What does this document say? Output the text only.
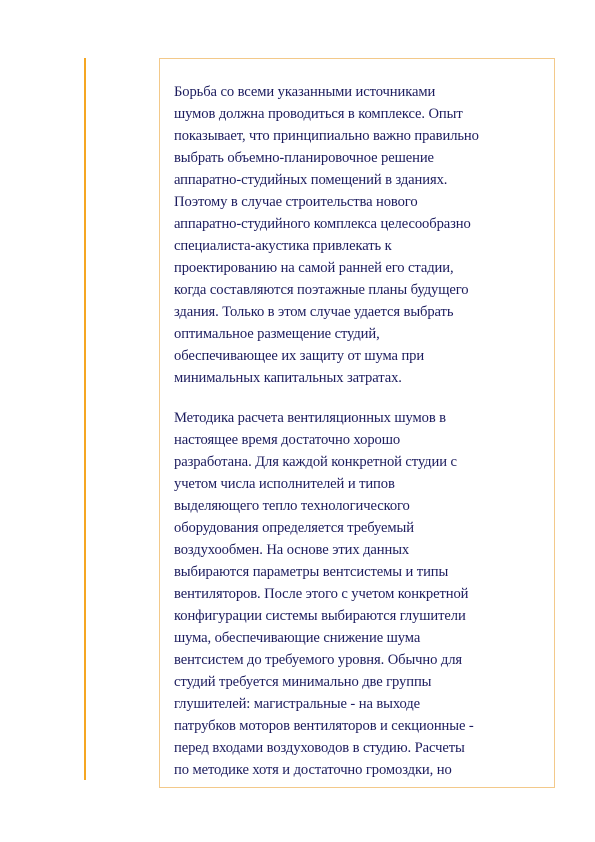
Борьба со всеми указанными источниками
шумов должна проводиться в комплексе. Опыт
показывает, что принципиально важно правильно
выбрать объемно-планировочное решение
аппаратно-студийных помещений в зданиях.
Поэтому в случае строительства нового
аппаратно-студийного комплекса целесообразно
специалиста-акустика привлекать к
проектированию на самой ранней его стадии,
когда составляются поэтажные планы будущего
здания. Только в этом случае удается выбрать
оптимальное размещение студий,
обеспечивающее их защиту от шума при
минимальных капитальных затратах.
Методика расчета вентиляционных шумов в
настоящее время достаточно хорошо
разработана. Для каждой конкретной студии с
учетом числа исполнителей и типов
выделяющего тепло технологического
оборудования определяется требуемый
воздухообмен. На основе этих данных
выбираются параметры вентсистемы и типы
вентиляторов. После этого с учетом конкретной
конфигурации системы выбираются глушители
шума, обеспечивающие снижение шума
вентсистем до требуемого уровня. Обычно для
студий требуется минимально две группы
глушителей: магистральные - на выходе
патрубков моторов вентиляторов и секционные -
перед входами воздуховодов в студию. Расчеты
по методике хотя и достаточно громоздки, но
